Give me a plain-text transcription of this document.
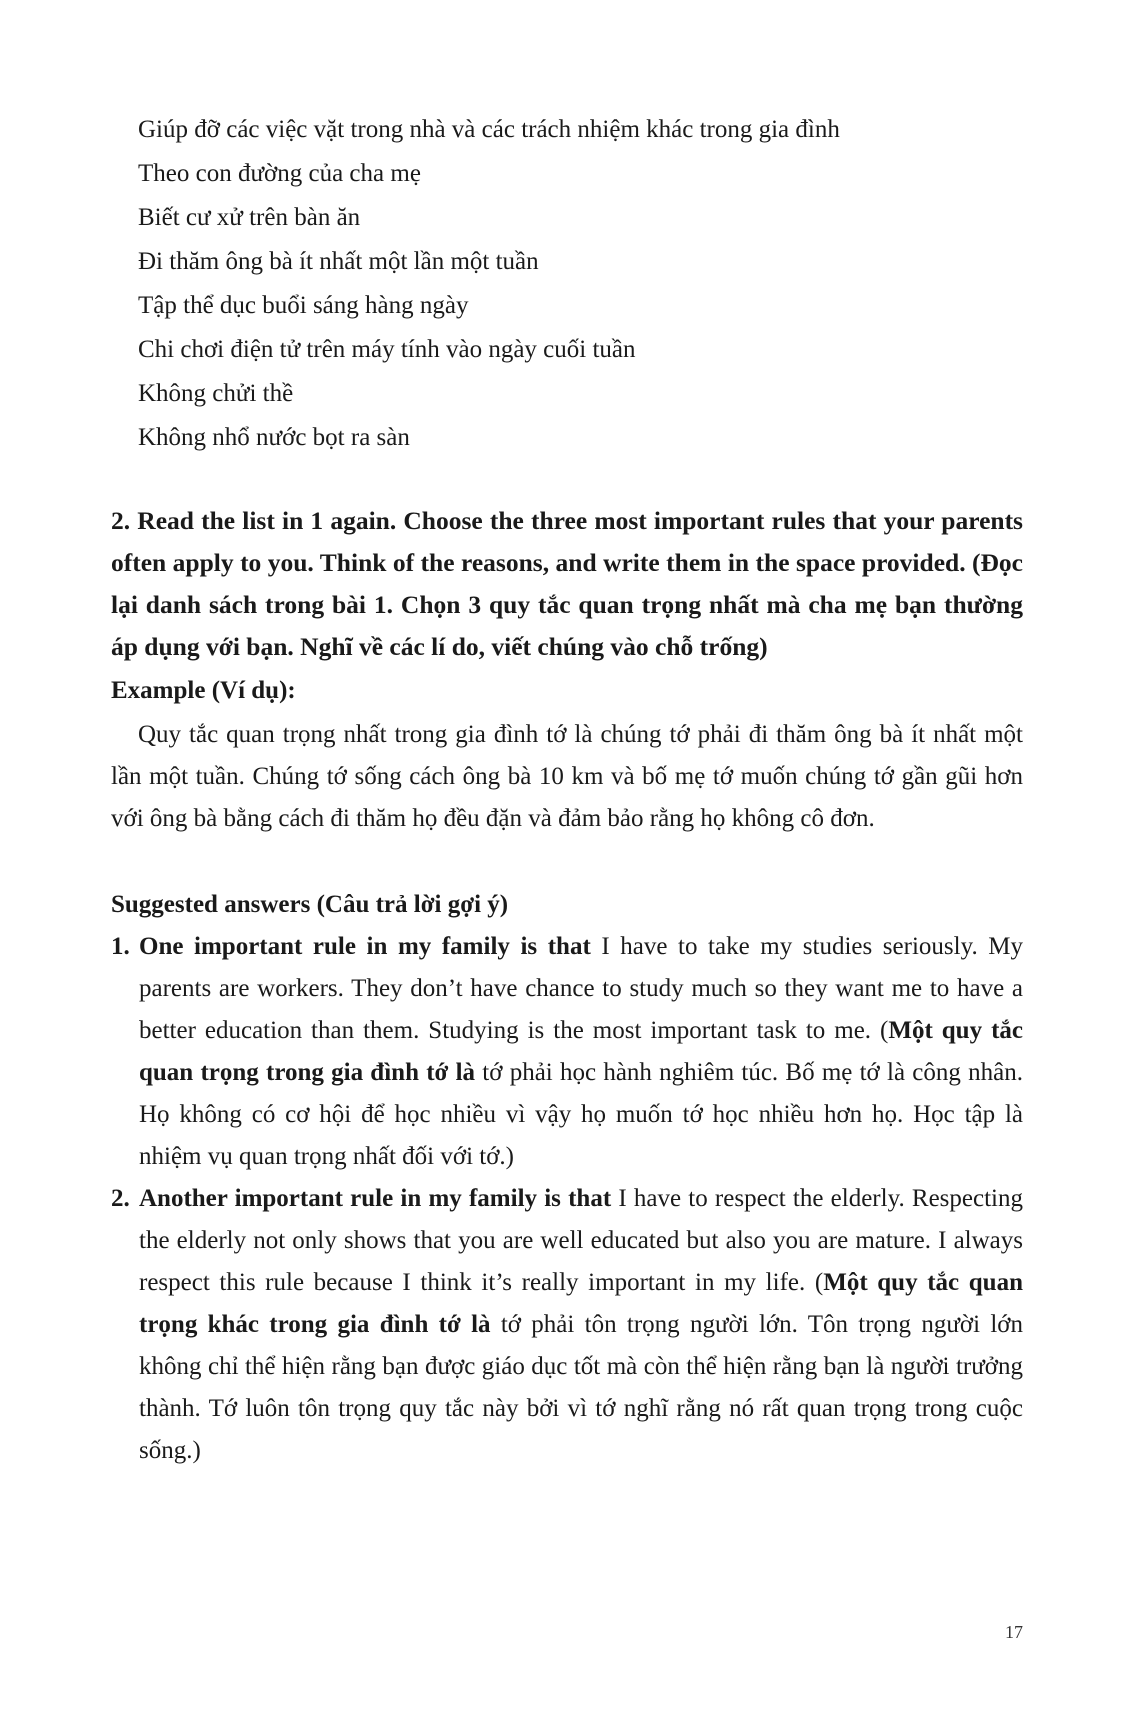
Giúp đỡ các việc vặt trong nhà và các trách nhiệm khác trong gia đình
Theo con đường của cha mẹ
Biết cư xử trên bàn ăn
Đi thăm ông bà ít nhất một lần một tuần
Tập thể dục buổi sáng hàng ngày
Chi chơi điện tử trên máy tính vào ngày cuối tuần
Không chửi thề
Không nhổ nước bọt ra sàn
2. Read the list in 1 again. Choose the three most important rules that your parents often apply to you. Think of the reasons, and write them in the space provided. (Đọc lại danh sách trong bài 1. Chọn 3 quy tắc quan trọng nhất mà cha mẹ bạn thường áp dụng với bạn. Nghĩ về các lí do, viết chúng vào chỗ trống)
Example (Ví dụ):
Quy tắc quan trọng nhất trong gia đình tớ là chúng tớ phải đi thăm ông bà ít nhất một lần một tuần. Chúng tớ sống cách ông bà 10 km và bố mẹ tớ muốn chúng tớ gần gũi hơn với ông bà bằng cách đi thăm họ đều đặn và đảm bảo rằng họ không cô đơn.
Suggested answers (Câu trả lời gợi ý)
1. One important rule in my family is that I have to take my studies seriously. My parents are workers. They don’t have chance to study much so they want me to have a better education than them. Studying is the most important task to me. (Một quy tắc quan trọng trong gia đình tớ là tớ phải học hành nghiêm túc. Bố mẹ tớ là công nhân. Họ không có cơ hội để học nhiều vì vậy họ muốn tớ học nhiều hơn họ. Học tập là nhiệm vụ quan trọng nhất đối với tớ.)
2. Another important rule in my family is that I have to respect the elderly. Respecting the elderly not only shows that you are well educated but also you are mature. I always respect this rule because I think it’s really important in my life. (Một quy tắc quan trọng khác trong gia đình tớ là tớ phải tôn trọng người lớn. Tôn trọng người lớn không chỉ thể hiện rằng bạn được giáo dục tốt mà còn thể hiện rằng bạn là người trưởng thành. Tớ luôn tôn trọng quy tắc này bởi vì tớ nghĩ rằng nó rất quan trọng trong cuộc sống.)
17
